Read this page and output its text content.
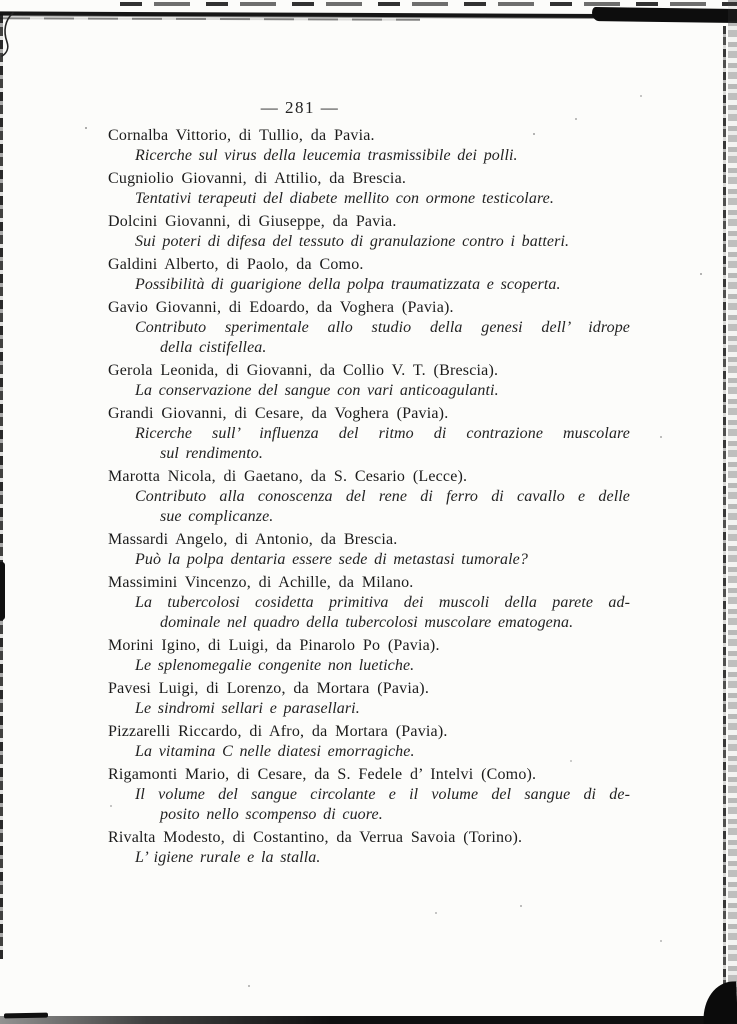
— 281 —
Cornalba Vittorio, di Tullio, da Pavia.
Ricerche sul virus della leucemia trasmissibile dei polli.
Cugniolio Giovanni, di Attilio, da Brescia.
Tentativi terapeuti del diabete mellito con ormone testicolare.
Dolcini Giovanni, di Giuseppe, da Pavia.
Sui poteri di difesa del tessuto di granulazione contro i batteri.
Galdini Alberto, di Paolo, da Como.
Possibilità di guarigione della polpa traumatizzata e scoperta.
Gavio Giovanni, di Edoardo, da Voghera (Pavia).
Contributo sperimentale allo studio della genesi dell’ idrope
della cistifellea.
Gerola Leonida, di Giovanni, da Collio V. T. (Brescia).
La conservazione del sangue con vari anticoagulanti.
Grandi Giovanni, di Cesare, da Voghera (Pavia).
Ricerche sull’ influenza del ritmo di contrazione muscolare
sul rendimento.
Marotta Nicola, di Gaetano, da S. Cesario (Lecce).
Contributo alla conoscenza del rene di ferro di cavallo e delle
sue complicanze.
Massardi Angelo, di Antonio, da Brescia.
Può la polpa dentaria essere sede di metastasi tumorale?
Massimini Vincenzo, di Achille, da Milano.
La tubercolosi cosidetta primitiva dei muscoli della parete ad-
dominale nel quadro della tubercolosi muscolare ematogena.
Morini Igino, di Luigi, da Pinarolo Po (Pavia).
Le splenomegalie congenite non luetiche.
Pavesi Luigi, di Lorenzo, da Mortara (Pavia).
Le sindromi sellari e parasellari.
Pizzarelli Riccardo, di Afro, da Mortara (Pavia).
La vitamina C nelle diatesi emorragiche.
Rigamonti Mario, di Cesare, da S. Fedele d’ Intelvi (Como).
Il volume del sangue circolante e il volume del sangue di de-
posito nello scompenso di cuore.
Rivalta Modesto, di Costantino, da Verrua Savoia (Torino).
L’ igiene rurale e la stalla.
